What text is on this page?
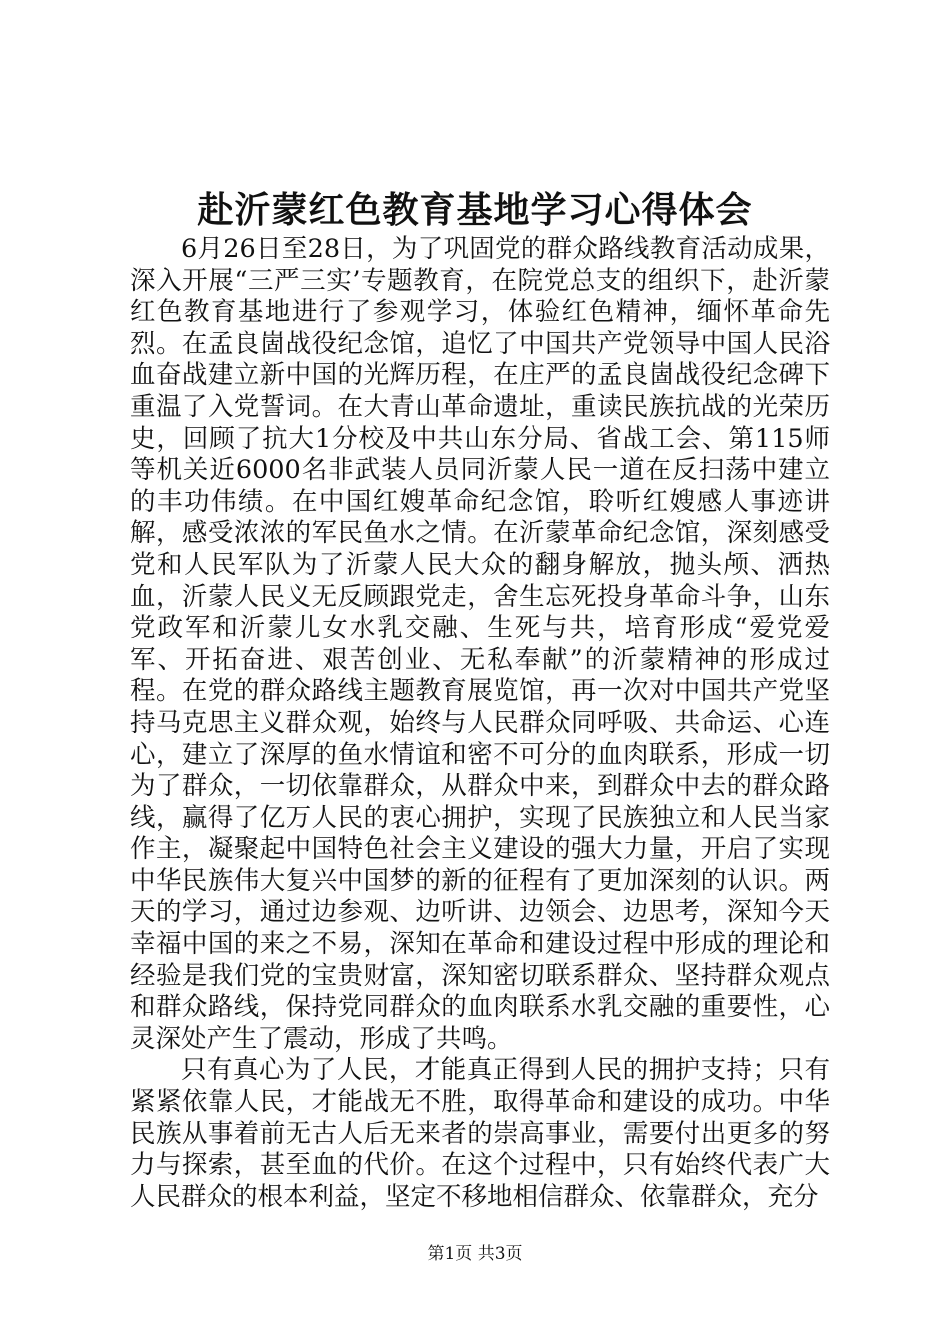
赴沂蒙红色教育基地学习心得体会

6月26日至28日，为了巩固党的群众路线教育活动成果，深入开展“三严三实’专题教育，在院党总支的组织下，赴沂蒙红色教育基地进行了参观学习，体验红色精神，缅怀革命先烈。在孟良崮战役纪念馆，追忆了中国共产党领导中国人民浴血奋战建立新中国的光辉历程，在庄严的孟良崮战役纪念碑下重温了入党誓词。在大青山革命遗址，重读民族抗战的光荣历史，回顾了抗大1分校及中共山东分局、省战工会、第115师等机关近6000名非武装人员同沂蒙人民一道在反扫荡中建立的丰功伟绩。在中国红嫂革命纪念馆，聆听红嫂感人事迹讲解，感受浓浓的军民鱼水之情。在沂蒙革命纪念馆，深刻感受党和人民军队为了沂蒙人民大众的翻身解放，抛头颅、洒热血，沂蒙人民义无反顾跟党走，舍生忘死投身革命斗争，山东党政军和沂蒙儿女水乳交融、生死与共，培育形成“爱党爱军、开拓奋进、艰苦创业、无私奉献”的沂蒙精神的形成过程。在党的群众路线主题教育展览馆，再一次对中国共产党坚持马克思主义群众观，始终与人民群众同呼吸、共命运、心连心，建立了深厚的鱼水情谊和密不可分的血肉联系，形成一切为了群众，一切依靠群众，从群众中来，到群众中去的群众路线，赢得了亿万人民的衷心拥护，实现了民族独立和人民当家作主，凝聚起中国特色社会主义建设的强大力量，开启了实现中华民族伟大复兴中国梦的新的征程有了更加深刻的认识。两天的学习，通过边参观、边听讲、边领会、边思考，深知今天幸福中国的来之不易，深知在革命和建设过程中形成的理论和经验是我们党的宝贵财富，深知密切联系群众、坚持群众观点和群众路线，保持党同群众的血肉联系水乳交融的重要性，心灵深处产生了震动，形成了共鸣。

只有真心为了人民，才能真正得到人民的拥护支持；只有紧紧依靠人民，才能战无不胜，取得革命和建设的成功。中华民族从事着前无古人后无来者的崇高事业，需要付出更多的努力与探索，甚至血的代价。在这个过程中，只有始终代表广大人民群众的根本利益，坚定不移地相信群众、依靠群众，充分

第1页 共3页
